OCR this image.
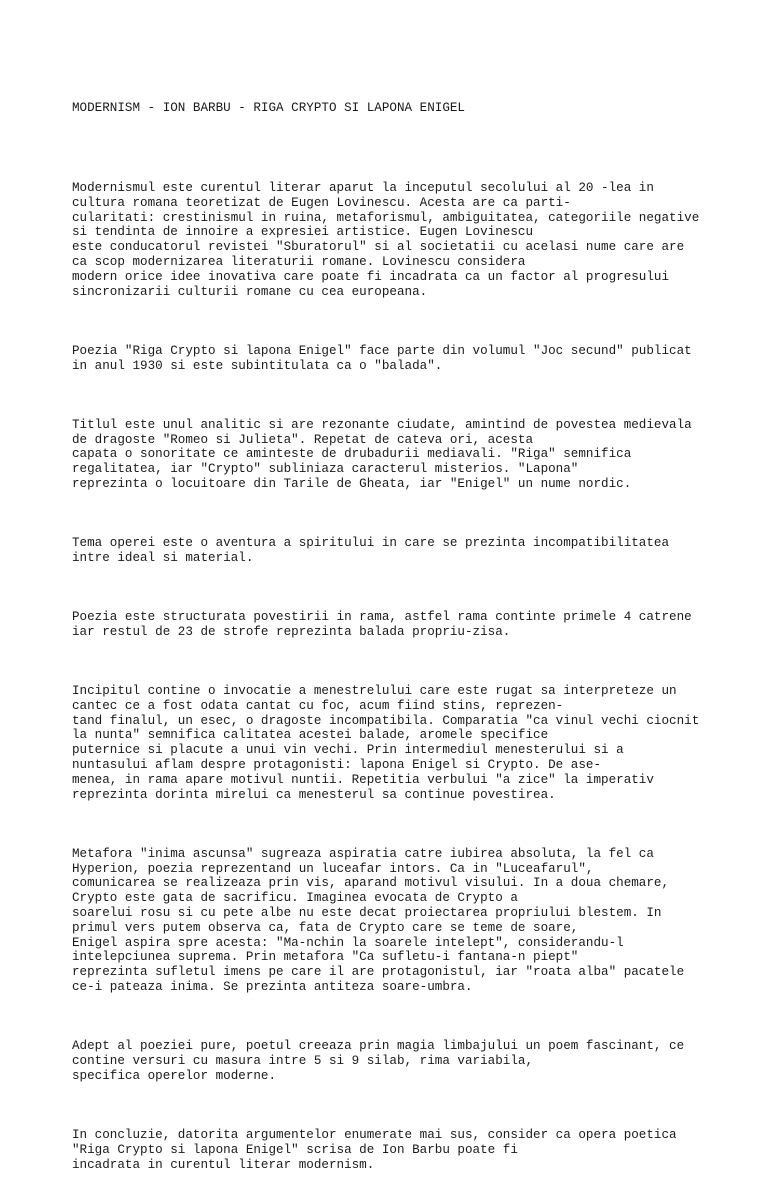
MODERNISM - ION BARBU - RIGA CRYPTO SI LAPONA ENIGEL

Modernismul este curentul literar aparut la inceputul secolului al 20 -lea in
cultura romana teoretizat de Eugen Lovinescu. Acesta are ca parti-
cularitati: crestinismul in ruina, metaforismul, ambiguitatea, categoriile negative
si tendinta de innoire a expresiei artistice. Eugen Lovinescu
este conducatorul revistei "Sburatorul" si al societatii cu acelasi nume care are
ca scop modernizarea literaturii romane. Lovinescu considera
modern orice idee inovativa care poate fi incadrata ca un factor al progresului
sincronizarii culturii romane cu cea europeana.

Poezia "Riga Crypto si lapona Enigel" face parte din volumul "Joc secund" publicat
in anul 1930 si este subintitulata ca o "balada".

Titlul este unul analitic si are rezonante ciudate, amintind de povestea medievala
de dragoste "Romeo si Julieta". Repetat de cateva ori, acesta
capata o sonoritate ce aminteste de drubadurii mediavali. "Riga" semnifica
regalitatea, iar "Crypto" subliniaza caracterul misterios. "Lapona"
reprezinta o locuitoare din Tarile de Gheata, iar "Enigel" un nume nordic.

Tema operei este o aventura a spiritului in care se prezinta incompatibilitatea
intre ideal si material.

Poezia este structurata povestirii in rama, astfel rama continte primele 4 catrene
iar restul de 23 de strofe reprezinta balada propriu-zisa.

Incipitul contine o invocatie a menestrelului care este rugat sa interpreteze un
cantec ce a fost odata cantat cu foc, acum fiind stins, reprezen-
tand finalul, un esec, o dragoste incompatibila. Comparatia "ca vinul vechi ciocnit
la nunta" semnifica calitatea acestei balade, aromele specifice
puternice si placute a unui vin vechi. Prin intermediul menesterului si a
nuntasului aflam despre protagonisti: lapona Enigel si Crypto. De ase-
menea, in rama apare motivul nuntii. Repetitia verbului "a zice" la imperativ
reprezinta dorinta mirelui ca menesterul sa continue povestirea.

Metafora "inima ascunsa" sugreaza aspiratia catre iubirea absoluta, la fel ca
Hyperion, poezia reprezentand un luceafar intors. Ca in "Luceafarul",
comunicarea se realizeaza prin vis, aparand motivul visului. In a doua chemare,
Crypto este gata de sacrificu. Imaginea evocata de Crypto a
soarelui rosu si cu pete albe nu este decat proiectarea propriului blestem. In
primul vers putem observa ca, fata de Crypto care se teme de soare,
Enigel aspira spre acesta: "Ma-nchin la soarele intelept", considerandu-l
intelepciunea suprema. Prin metafora "Ca sufletu-i fantana-n piept"
reprezinta sufletul imens pe care il are protagonistul, iar "roata alba" pacatele
ce-i pateaza inima. Se prezinta antiteza soare-umbra.

Adept al poeziei pure, poetul creeaza prin magia limbajului un poem fascinant, ce
contine versuri cu masura intre 5 si 9 silab, rima variabila,
specifica operelor moderne.

In concluzie, datorita argumentelor enumerate mai sus, consider ca opera poetica
"Riga Crypto si lapona Enigel" scrisa de Ion Barbu poate fi
incadrata in curentul literar modernism.
